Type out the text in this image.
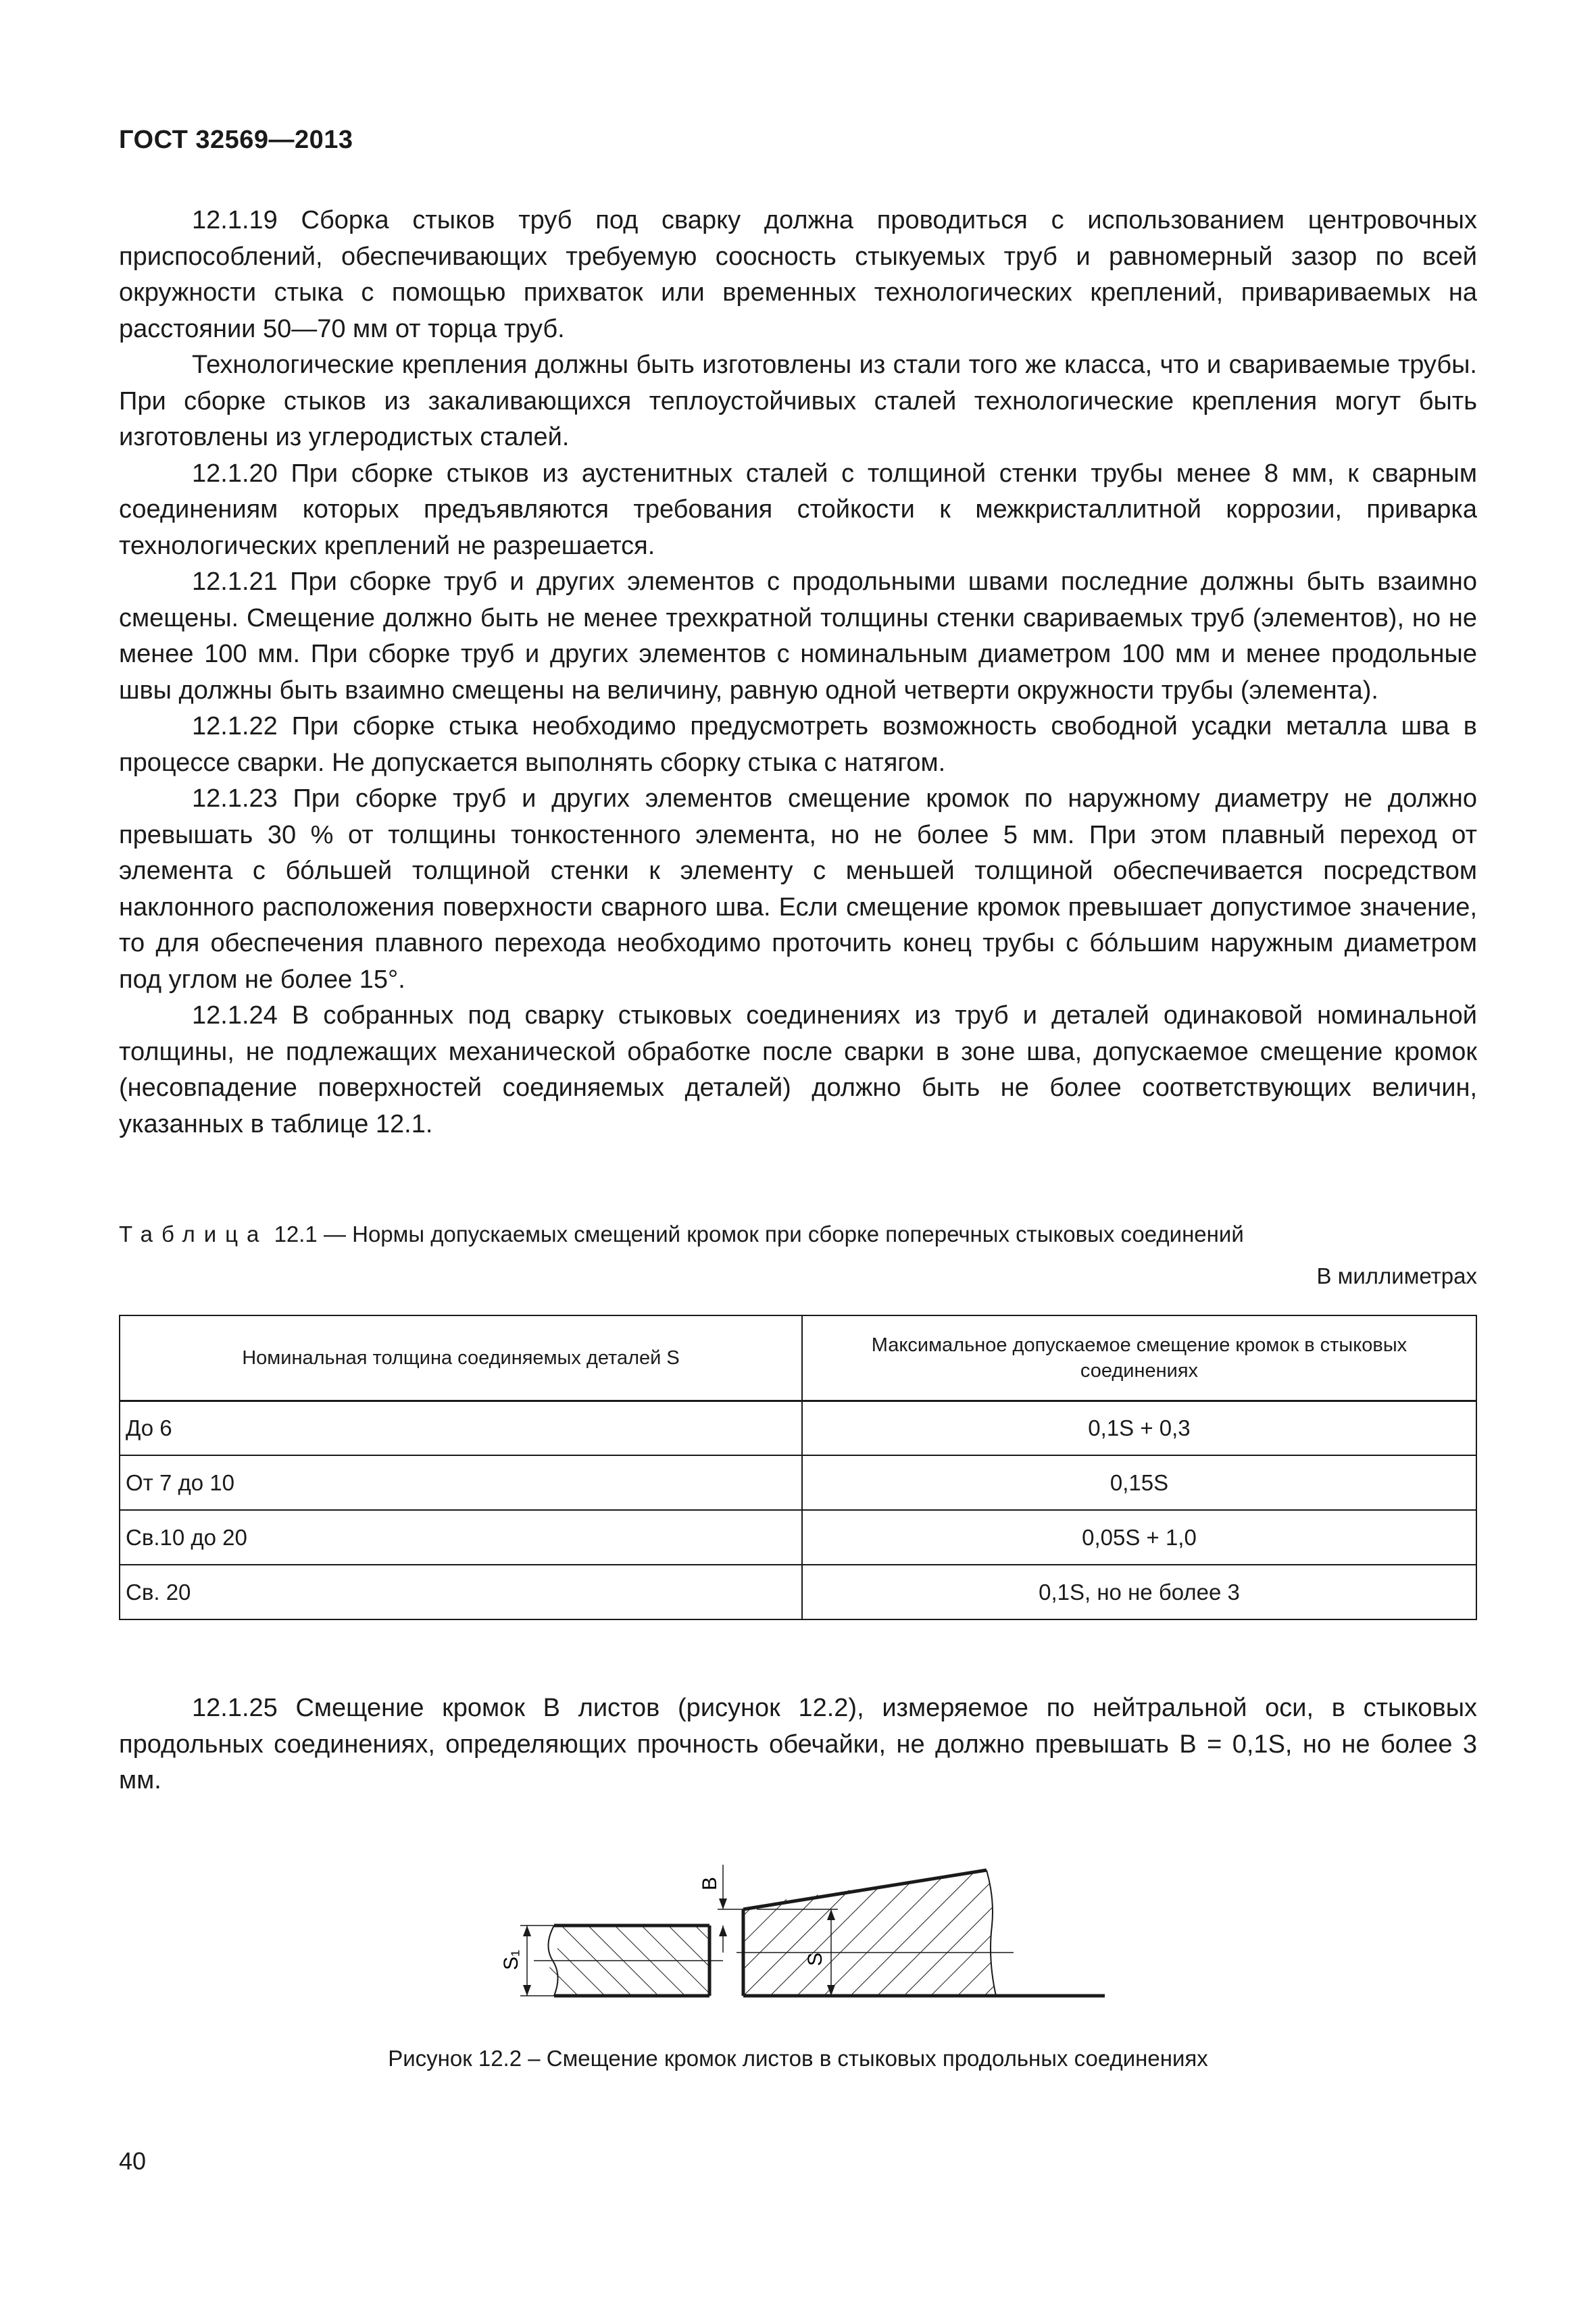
ГОСТ 32569—2013

12.1.19 Сборка стыков труб под сварку должна проводиться с использованием центровочных приспособлений, обеспечивающих требуемую соосность стыкуемых труб и равномерный зазор по всей окружности стыка с помощью прихваток или временных технологических креплений, привариваемых на расстоянии 50—70 мм от торца труб.

Технологические крепления должны быть изготовлены из стали того же класса, что и свариваемые трубы. При сборке стыков из закаливающихся теплоустойчивых сталей технологические крепления могут быть изготовлены из углеродистых сталей.

12.1.20 При сборке стыков из аустенитных сталей с толщиной стенки трубы менее 8 мм, к сварным соединениям которых предъявляются требования стойкости к межкристаллитной коррозии, приварка технологических креплений не разрешается.

12.1.21 При сборке труб и других элементов с продольными швами последние должны быть взаимно смещены. Смещение должно быть не менее трехкратной толщины стенки свариваемых труб (элементов), но не менее 100 мм. При сборке труб и других элементов с номинальным диаметром 100 мм и менее продольные швы должны быть взаимно смещены на величину, равную одной четверти окружности трубы (элемента).

12.1.22 При сборке стыка необходимо предусмотреть возможность свободной усадки металла шва в процессе сварки. Не допускается выполнять сборку стыка с натягом.

12.1.23 При сборке труб и других элементов смещение кромок по наружному диаметру не должно превышать 30 % от толщины тонкостенного элемента, но не более 5 мм. При этом плавный переход от элемента с бóльшей толщиной стенки к элементу с меньшей толщиной обеспечивается посредством наклонного расположения поверхности сварного шва. Если смещение кромок превышает допустимое значение, то для обеспечения плавного перехода необходимо проточить конец трубы с бóльшим наружным диаметром под углом не более 15°.

12.1.24 В собранных под сварку стыковых соединениях из труб и деталей одинаковой номинальной толщины, не подлежащих механической обработке после сварки в зоне шва, допускаемое смещение кромок (несовпадение поверхностей соединяемых деталей) должно быть не более соответствующих величин, указанных в таблице 12.1.

Таблица 12.1 — Нормы допускаемых смещений кромок при сборке поперечных стыковых соединений
В миллиметрах
Номинальная толщина соединяемых деталей S	Максимальное допускаемое смещение кромок в стыковых соединениях
До 6	0,1S + 0,3
От 7 до 10	0,15S
Св.10 до 20	0,05S + 1,0
Св. 20	0,1S, но не более 3

12.1.25 Смещение кромок B листов (рисунок 12.2), измеряемое по нейтральной оси, в стыковых продольных соединениях, определяющих прочность обечайки, не должно превышать B = 0,1S, но не более 3 мм.

S₁
B
S
Рисунок 12.2 – Смещение кромок листов в стыковых продольных соединениях
40
